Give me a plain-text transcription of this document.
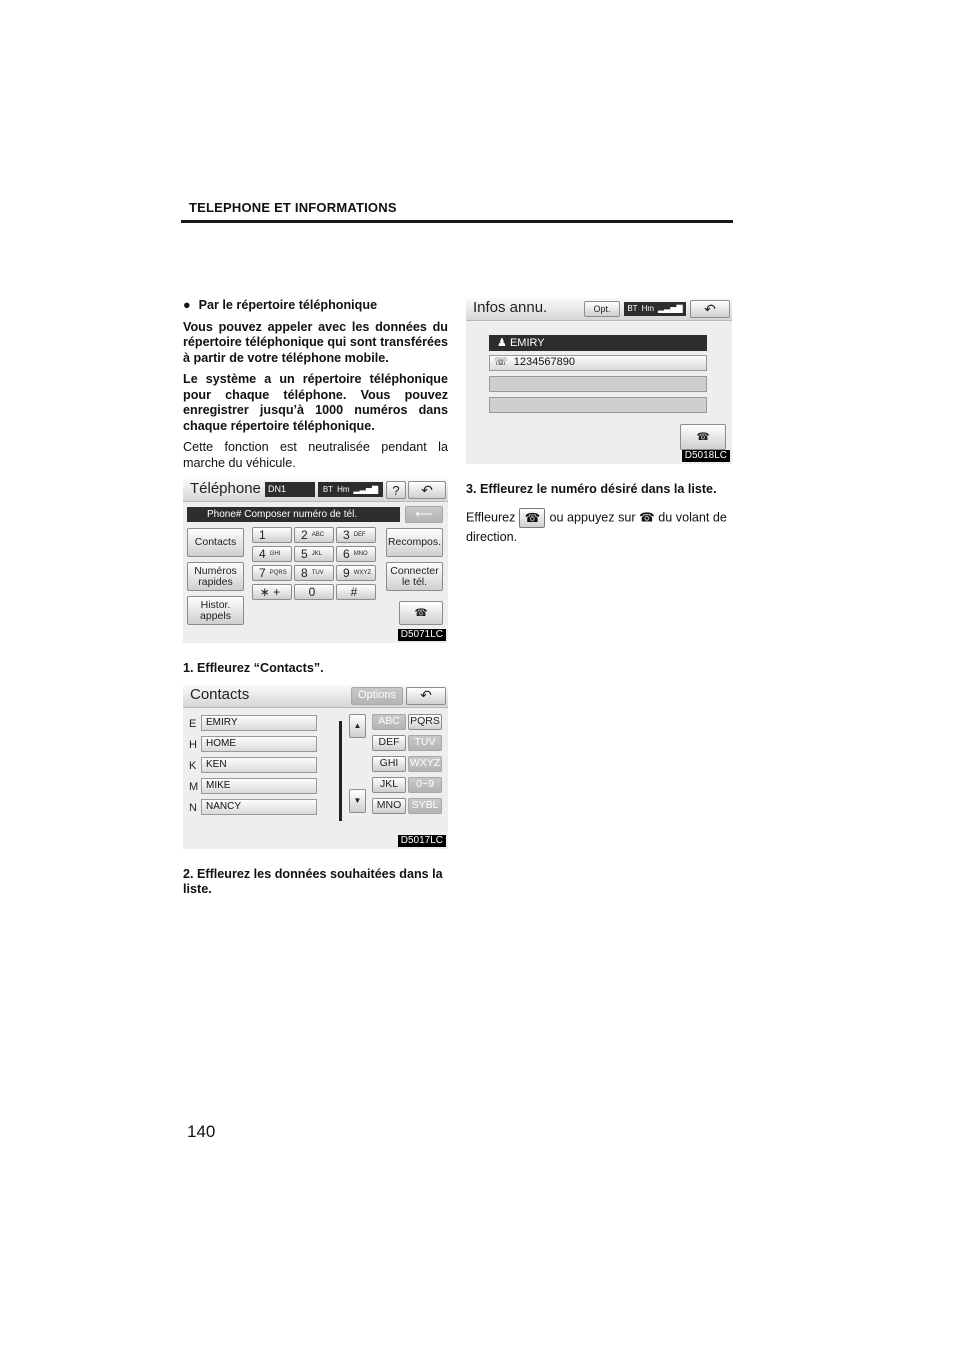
TELEPHONE ET INFORMATIONS
● Par le répertoire téléphonique

Vous pouvez appeler avec les données du répertoire téléphonique qui sont transférées à partir de votre téléphone mobile.

Le système a un répertoire téléphonique pour chaque téléphone. Vous pouvez enregistrer jusqu’à 1000 numéros dans chaque répertoire téléphonique.

Cette fonction est neutralisée pendant la marche du véhicule.

Téléphone DN1	BT Hm ▂▃▅▇	?	↶
Phone# Composer numéro de tél.	⟵
Contacts
Numéros
rapides
Histor.
appels
1	2 ABC 3 DEF
4 GHI 5 JKL 6 MNO
7 PQRS 8 TUV 9 WXYZ
∗ + 0	#
Recompos.
Connecter
le tél.
☎
D5071LC
1. Effleurez “Contacts”.
Contacts	Options	↶
E EMIRY
H HOME
K KEN
M MIKE
N NANCY
▲
▼
ABC PQRS
DEF	TUV
GHI	WXYZ
JKL	0~9
MNO SYBL
D5017LC
2. Effleurez les données souhaitées dans la liste.
Infos annu.	Opt.	BT Hm ▂▃▅▇ ↶
♟ EMIRY
☏ 1234567890
☎
D5018LC
3. Effleurez le numéro désiré dans la liste.

Effleurez ☎ ou appuyez sur ☎ du volant de direction.

140
